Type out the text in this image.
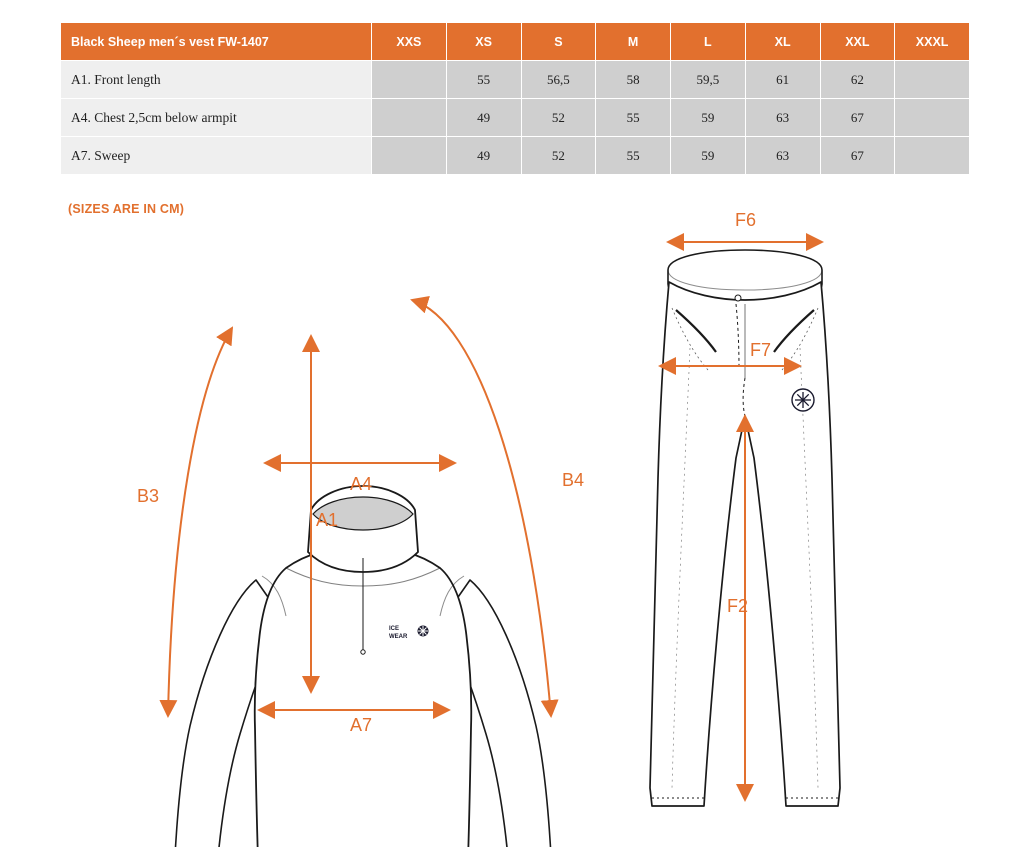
Black Sheep men´s vest FW-1407	XXS	XS	S	M	L	XL	XXL	XXXL
A1. Front length		55	56,5	58	59,5	61	62	
A4. Chest 2,5cm below armpit		49	52	55	59	63	67	
A7. Sweep		49	52	55	59	63	67	
(SIZES ARE IN CM)
ICE
WEAR
B3
B4
A4
A1
A7
F6
F7
F2
